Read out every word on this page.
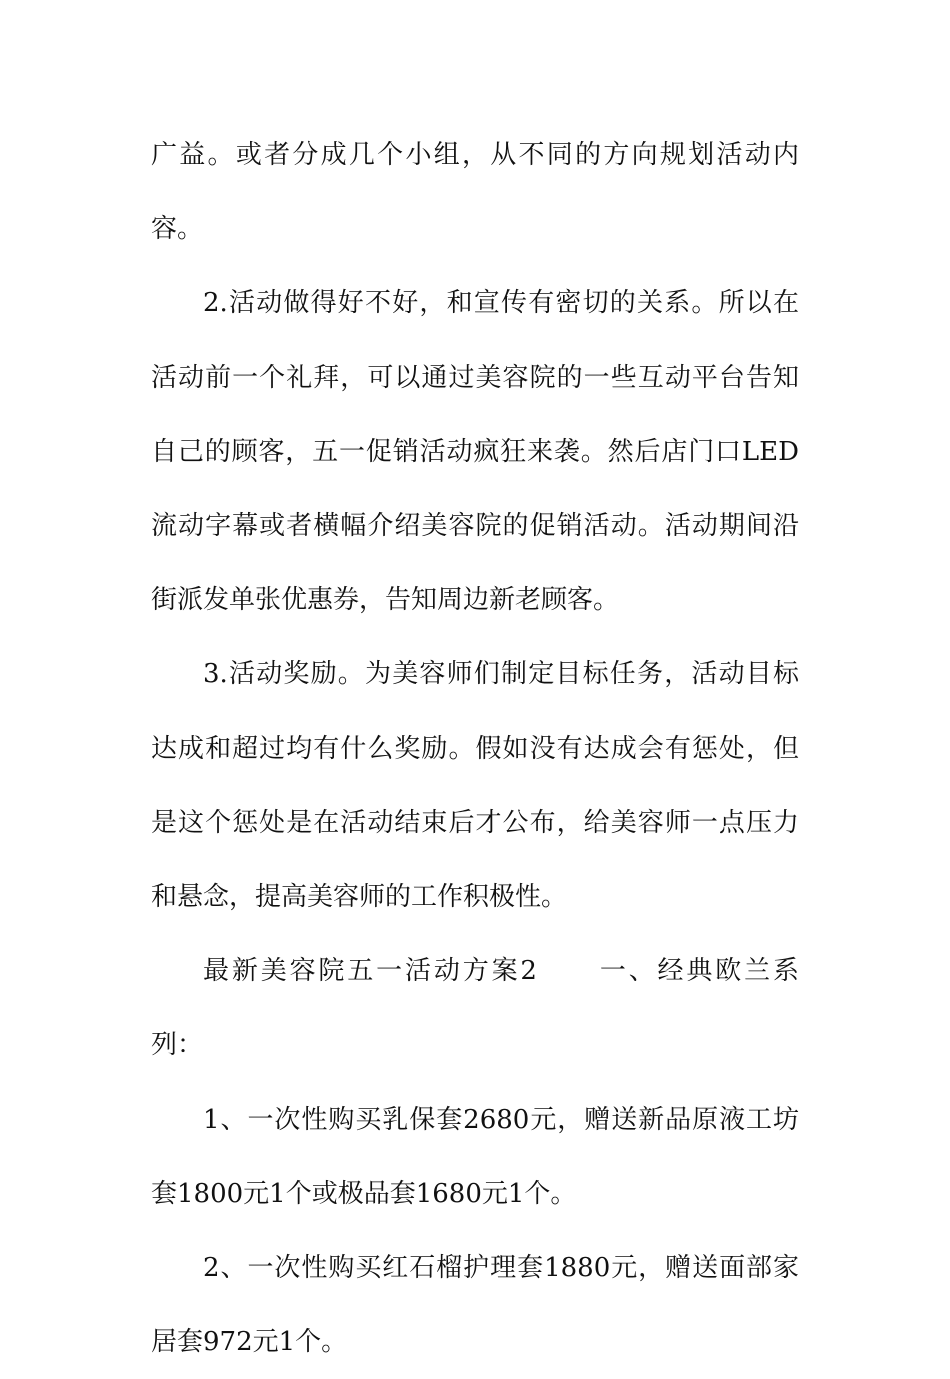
广益。或者分成几个小组，从不同的方向规划活动内容。

2.活动做得好不好，和宣传有密切的关系。所以在活动前一个礼拜，可以通过美容院的一些互动平台告知自己的顾客，五一促销活动疯狂来袭。然后店门口LED流动字幕或者横幅介绍美容院的促销活动。活动期间沿街派发单张优惠券，告知周边新老顾客。

3.活动奖励。为美容师们制定目标任务，活动目标达成和超过均有什么奖励。假如没有达成会有惩处，但是这个惩处是在活动结束后才公布，给美容师一点压力和悬念，提高美容师的工作积极性。

最新美容院五一活动方案2 一、经典欧兰系列：

1、一次性购买乳保套2680元，赠送新品原液工坊套1800元1个或极品套1680元1个。

2、一次性购买红石榴护理套1880元，赠送面部家居套972元1个。
